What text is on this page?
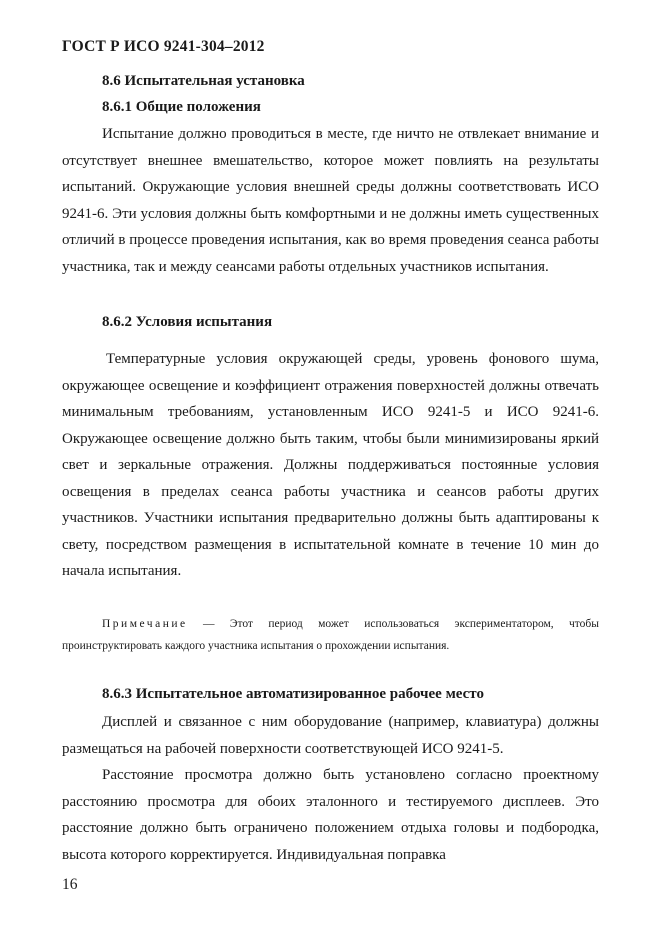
ГОСТ Р ИСО 9241-304–2012
8.6 Испытательная установка
8.6.1 Общие положения
Испытание должно проводиться в месте, где ничто не отвлекает внимание и отсутствует внешнее вмешательство, которое может повлиять на результаты испытаний. Окружающие условия внешней среды должны соответствовать ИСО 9241-6. Эти условия должны быть комфортными и не должны иметь существенных отличий в процессе проведения испытания, как во время проведения сеанса работы участника, так и между сеансами работы отдельных участников испытания.
8.6.2 Условия испытания
Температурные условия окружающей среды, уровень фонового шума, окружающее освещение и коэффициент отражения поверхностей должны отвечать минимальным требованиям, установленным ИСО 9241-5 и ИСО 9241-6. Окружающее освещение должно быть таким, чтобы были минимизированы яркий свет и зеркальные отражения. Должны поддерживаться постоянные условия освещения в пределах сеанса работы участника и сеансов работы других участников. Участники испытания предварительно должны быть адаптированы к свету, посредством размещения в испытательной комнате в течение 10 мин до начала испытания.
Примечание — Этот период может использоваться экспериментатором, чтобы проинструктировать каждого участника испытания о прохождении испытания.
8.6.3 Испытательное автоматизированное рабочее место
Дисплей и связанное с ним оборудование (например, клавиатура) должны размещаться на рабочей поверхности соответствующей ИСО 9241-5.
Расстояние просмотра должно быть установлено согласно проектному расстоянию просмотра для обоих эталонного и тестируемого дисплеев. Это расстояние должно быть ограничено положением отдыха головы и подбородка, высота которого корректируется. Индивидуальная поправка
16
